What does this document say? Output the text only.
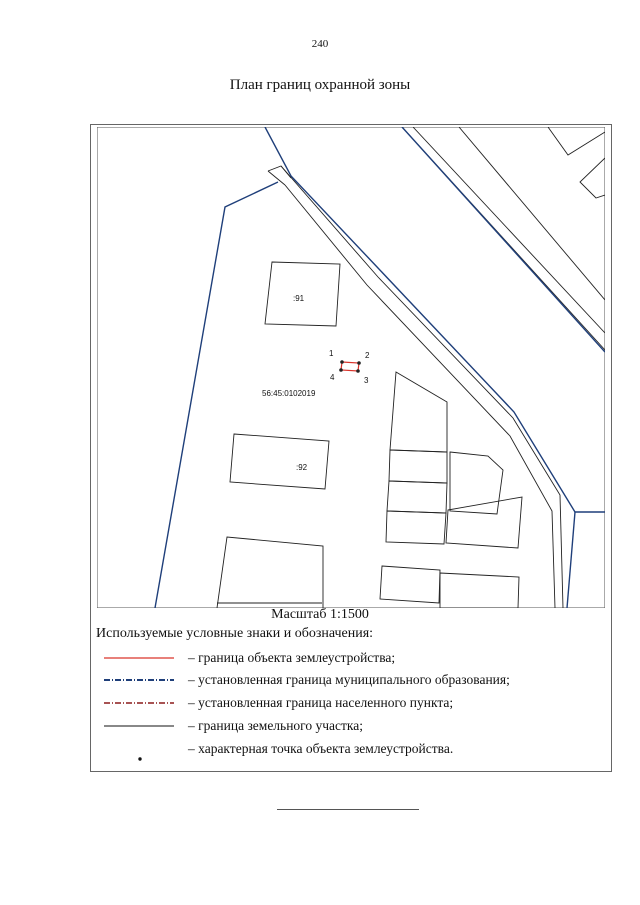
240
План границ охранной зоны
:91
:92
56:45:0102019
1	2
3
4
Масштаб 1:1500
Используемые условные знаки и обозначения:
– граница объекта землеустройства;
– установленная граница муниципального образования;
– установленная граница населенного пункта;
– граница земельного участка;
– характерная точка объекта землеустройства.
